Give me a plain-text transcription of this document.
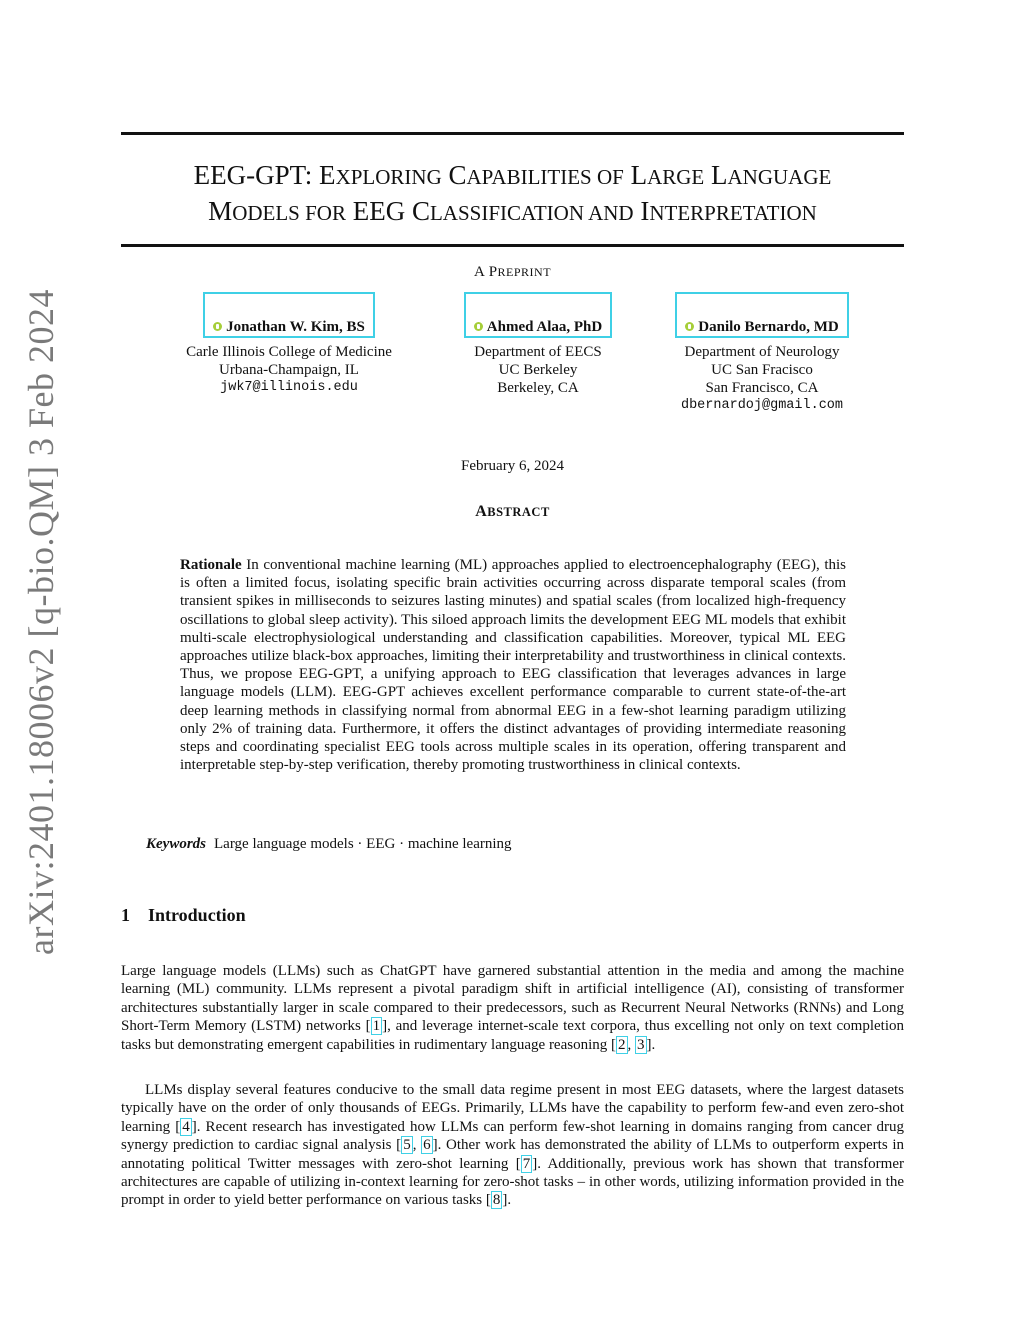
arXiv:2401.18006v2 [q-bio.QM] 3 Feb 2024
EEG-GPT: EXPLORING CAPABILITIES OF LARGE LANGUAGE
MODELS FOR EEG CLASSIFICATION AND INTERPRETATION
A PREPRINT
Jonathan W. Kim, BS
Carle Illinois College of Medicine
Urbana-Champaign, IL
jwk7@illinois.edu
Ahmed Alaa, PhD
Department of EECS
UC Berkeley
Berkeley, CA
Danilo Bernardo, MD
Department of Neurology
UC San Fracisco
San Francisco, CA
dbernardoj@gmail.com
February 6, 2024
ABSTRACT

Rationale In conventional machine learning (ML) approaches applied to electroencephalography (EEG), this is often a limited focus, isolating specific brain activities occurring across disparate temporal scales (from transient spikes in milliseconds to seizures lasting minutes) and spatial scales (from localized high-frequency oscillations to global sleep activity). This siloed approach limits the development EEG ML models that exhibit multi-scale electrophysiological understanding and classification capabilities. Moreover, typical ML EEG approaches utilize black-box approaches, limiting their interpretability and trustworthiness in clinical contexts. Thus, we propose EEG-GPT, a unifying approach to EEG classification that leverages advances in large language models (LLM). EEG-GPT achieves excellent performance comparable to current state-of-the-art deep learning methods in classifying normal from abnormal EEG in a few-shot learning paradigm utilizing only 2% of training data. Furthermore, it offers the distinct advantages of providing intermediate reasoning steps and coordinating specialist EEG tools across multiple scales in its operation, offering transparent and interpretable step-by-step verification, thereby promoting trustworthiness in clinical contexts.

Keywords Large language models · EEG · machine learning
1 Introduction

Large language models (LLMs) such as ChatGPT have garnered substantial attention in the media and among the machine learning (ML) community. LLMs represent a pivotal paradigm shift in artificial intelligence (AI), consisting of transformer architectures substantially larger in scale compared to their predecessors, such as Recurrent Neural Networks (RNNs) and Long Short-Term Memory (LSTM) networks [ 1 ], and leverage internet-scale text corpora, thus excelling not only on text completion tasks but demonstrating emergent capabilities in rudimentary language reasoning [ 2 , 3 ].

LLMs display several features conducive to the small data regime present in most EEG datasets, where the largest datasets typically have on the order of only thousands of EEGs. Primarily, LLMs have the capability to perform few-and even zero-shot learning [ 4 ]. Recent research has investigated how LLMs can perform few-shot learning in domains ranging from cancer drug synergy prediction to cardiac signal analysis [ 5 , 6 ]. Other work has demonstrated the ability of LLMs to outperform experts in annotating political Twitter messages with zero-shot learning [ 7 ]. Additionally, previous work has shown that transformer architectures are capable of utilizing in-context learning for zero-shot tasks – in other words, utilizing information provided in the prompt in order to yield better performance on various tasks [ 8 ].
